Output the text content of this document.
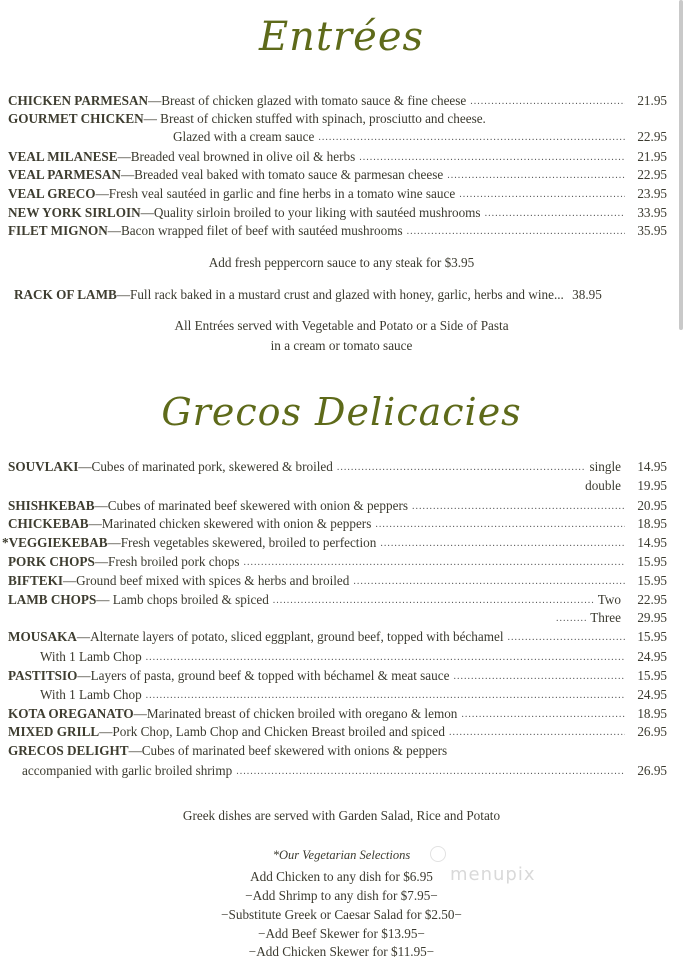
Entrées
CHICKEN PARMESAN —Breast of chicken glazed with tomato sauce & fine cheese .....	21.95
GOURMET CHICKEN — Breast of chicken stuffed with spinach, prosciutto and cheese.
Glazed with a cream sauce .....	22.95
VEAL MILANESE —Breaded veal browned in olive oil & herbs .....	21.95
VEAL PARMESAN —Breaded veal baked with tomato sauce & parmesan cheese .....	22.95
VEAL GRECO —Fresh veal sautéed in garlic and fine herbs in a tomato wine sauce .....	23.95
NEW YORK SIRLOIN —Quality sirloin broiled to your liking with sautéed mushrooms .....	33.95
FILET MIGNON —Bacon wrapped filet of beef with sautéed mushrooms .....	35.95
Add fresh peppercorn sauce to any steak for $3.95
RACK OF LAMB —Full rack baked in a mustard crust and glazed with honey, garlic, herbs and wine... 38.95
All Entrées served with Vegetable and Potato or a Side of Pasta
in a cream or tomato sauce
Grecos Delicacies
SOUVLAKI —Cubes of marinated pork, skewered & broiled .....	single	14.95
double	19.95
SHISHKEBAB —Cubes of marinated beef skewered with onion & peppers .....	20.95
CHICKEBAB —Marinated chicken skewered with onion & peppers .....	18.95
*VEGGIEKEBAB —Fresh vegetables skewered, broiled to perfection .....	14.95
PORK CHOPS —Fresh broiled pork chops .....	15.95
BIFTEKI —Ground beef mixed with spices & herbs and broiled .....	15.95
LAMB CHOPS — Lamb chops broiled & spiced .....	Two	22.95
.....
Three	29.95
MOUSAKA —Alternate layers of potato, sliced eggplant, ground beef, topped with béchamel .....	15.95
With 1 Lamb Chop .....	24.95
PASTITSIO —Layers of pasta, ground beef & topped with béchamel & meat sauce .....	15.95
With 1 Lamb Chop .....	24.95
KOTA OREGANATO —Marinated breast of chicken broiled with oregano & lemon .....	18.95
MIXED GRILL —Pork Chop, Lamb Chop and Chicken Breast broiled and spiced .....	26.95
GRECOS DELIGHT —Cubes of marinated beef skewered with onions & peppers
accompanied with garlic broiled shrimp .....	26.95
Greek dishes are served with Garden Salad, Rice and Potato
*Our Vegetarian Selections
Add Chicken to any dish for $6.95
−Add Shrimp to any dish for $7.95−
−Substitute Greek or Caesar Salad for $2.50−
−Add Beef Skewer for $13.95−
−Add Chicken Skewer for $11.95−
menupix
